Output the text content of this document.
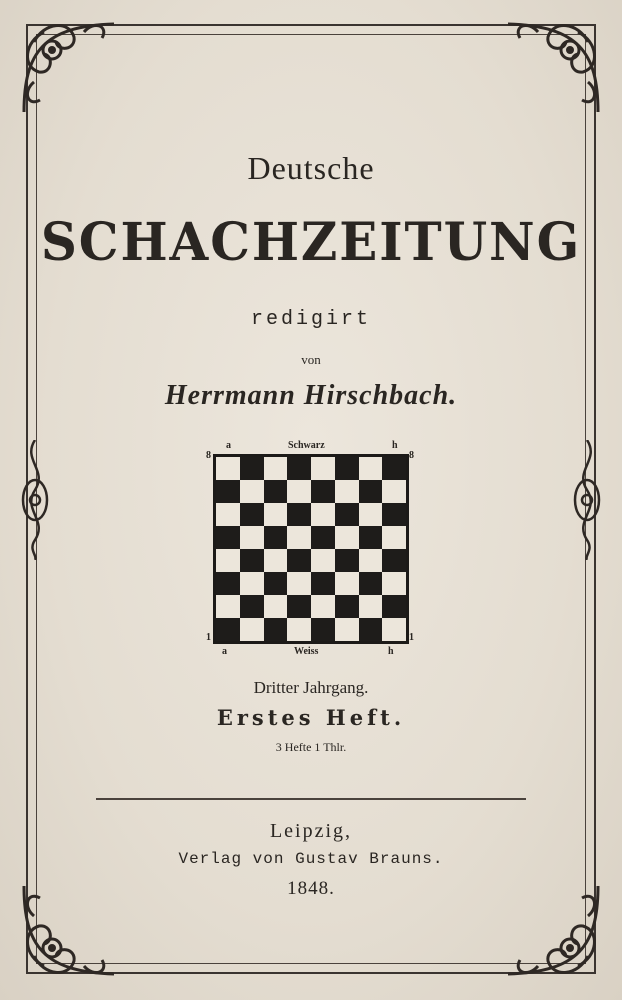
Deutsche
SCHACHZEITUNG
redigirt
von
Herrmann Hirschbach.
a	Schwarz	h
8	8
1	1
a	Weiss	h
Dritter Jahrgang.
Erstes Heft.
3 Hefte 1 Thlr.
Leipzig,
Verlag von Gustav Brauns.
1848.
